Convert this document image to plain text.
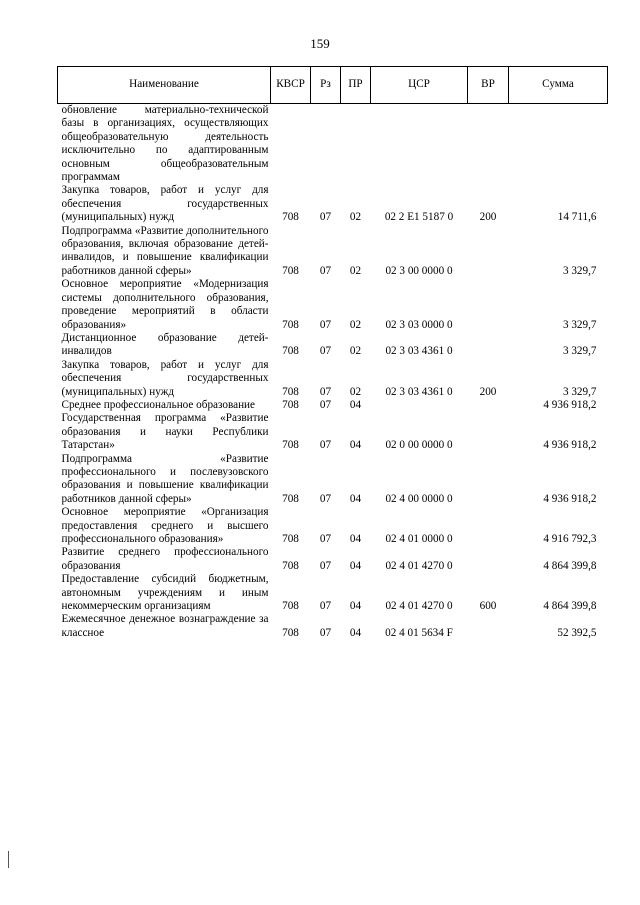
159
Наименование	КВСР	Рз	ПР	ЦСР	ВР	Сумма
обновление материально-технической базы в организациях, осуществляющих общеобразовательную деятельность исключительно по адаптированным основным общеобразовательным программам						
Закупка товаров, работ и услуг для обеспечения государственных (муниципальных) нужд	708	07	02	02 2 E1 5187 0	200	14 711,6
Подпрограмма «Развитие дополнительного образования, включая образование детей-инвалидов, и повышение квалификации работников данной сферы»	708	07	02	02 3 00 0000 0		3 329,7
Основное мероприятие «Модернизация системы дополнительного образования, проведение мероприятий в области образования»	708	07	02	02 3 03 0000 0		3 329,7
Дистанционное образование детей-инвалидов	708	07	02	02 3 03 4361 0		3 329,7
Закупка товаров, работ и услуг для обеспечения государственных (муниципальных) нужд	708	07	02	02 3 03 4361 0	200	3 329,7
Среднее профессиональное образование	708	07	04			4 936 918,2
Государственная программа «Развитие образования и науки Республики Татарстан»	708	07	04	02 0 00 0000 0		4 936 918,2
Подпрограмма «Развитие профессионального и послевузовского образования и повышение квалификации работников данной сферы»	708	07	04	02 4 00 0000 0		4 936 918,2
Основное мероприятие «Организация предоставления среднего и высшего профессионального образования»	708	07	04	02 4 01 0000 0		4 916 792,3
Развитие среднего профессионального образования	708	07	04	02 4 01 4270 0		4 864 399,8
Предоставление субсидий бюджетным, автономным учреждениям и иным некоммерческим организациям	708	07	04	02 4 01 4270 0	600	4 864 399,8
Ежемесячное денежное вознаграждение за классное	708	07	04	02 4 01 5634 F		52 392,5
